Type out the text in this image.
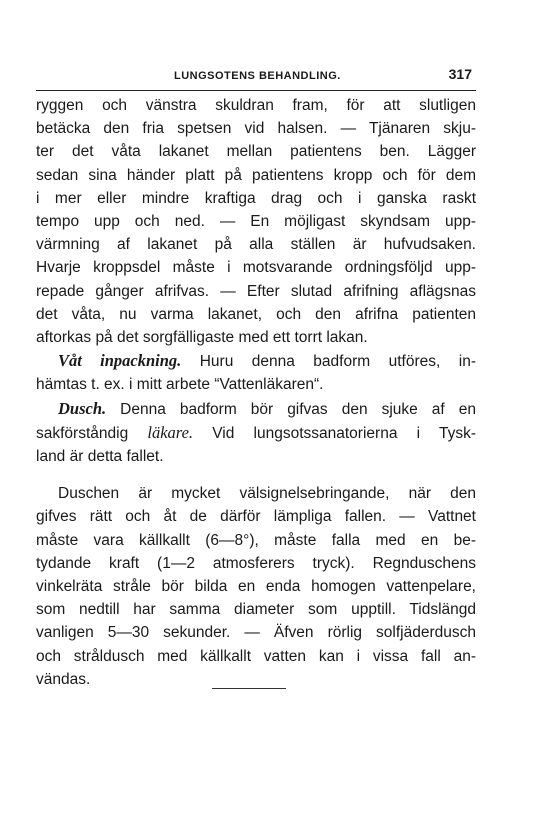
LUNGSOTENS BEHANDLING.	317
ryggen och vänstra skuldran fram, för att slutligen
betäcka den fria spetsen vid halsen. — Tjänaren skju-
ter det våta lakanet mellan patientens ben. Lägger
sedan sina händer platt på patientens kropp och för dem
i mer eller mindre kraftiga drag och i ganska raskt
tempo upp och ned. — En möjligast skyndsam upp-
värmning af lakanet på alla ställen är hufvudsaken.
Hvarje kroppsdel måste i motsvarande ordningsföljd upp-
repade gånger afrifvas. — Efter slutad afrifning aflägsnas
det våta, nu varma lakanet, och den afrifna patienten
aftorkas på det sorgfälligaste med ett torrt lakan.
Våt inpackning. Huru denna badform utföres, in-
hämtas t. ex. i mitt arbete “Vattenläkaren“.
Dusch. Denna badform bör gifvas den sjuke af en
sakförståndig läkare. Vid lungsotssanatorierna i Tysk-
land är detta fallet.
Duschen är mycket välsignelsebringande, när den
gifves rätt och åt de därför lämpliga fallen. — Vattnet
måste vara källkallt (6—8°), måste falla med en be-
tydande kraft (1—2 atmosferers tryck). Regnduschens
vinkelräta stråle bör bilda en enda homogen vattenpelare,
som nedtill har samma diameter som upptill. Tidslängd
vanligen 5—30 sekunder. — Äfven rörlig solfjäderdusch
och stråldusch med källkallt vatten kan i vissa fall an-
vändas.
